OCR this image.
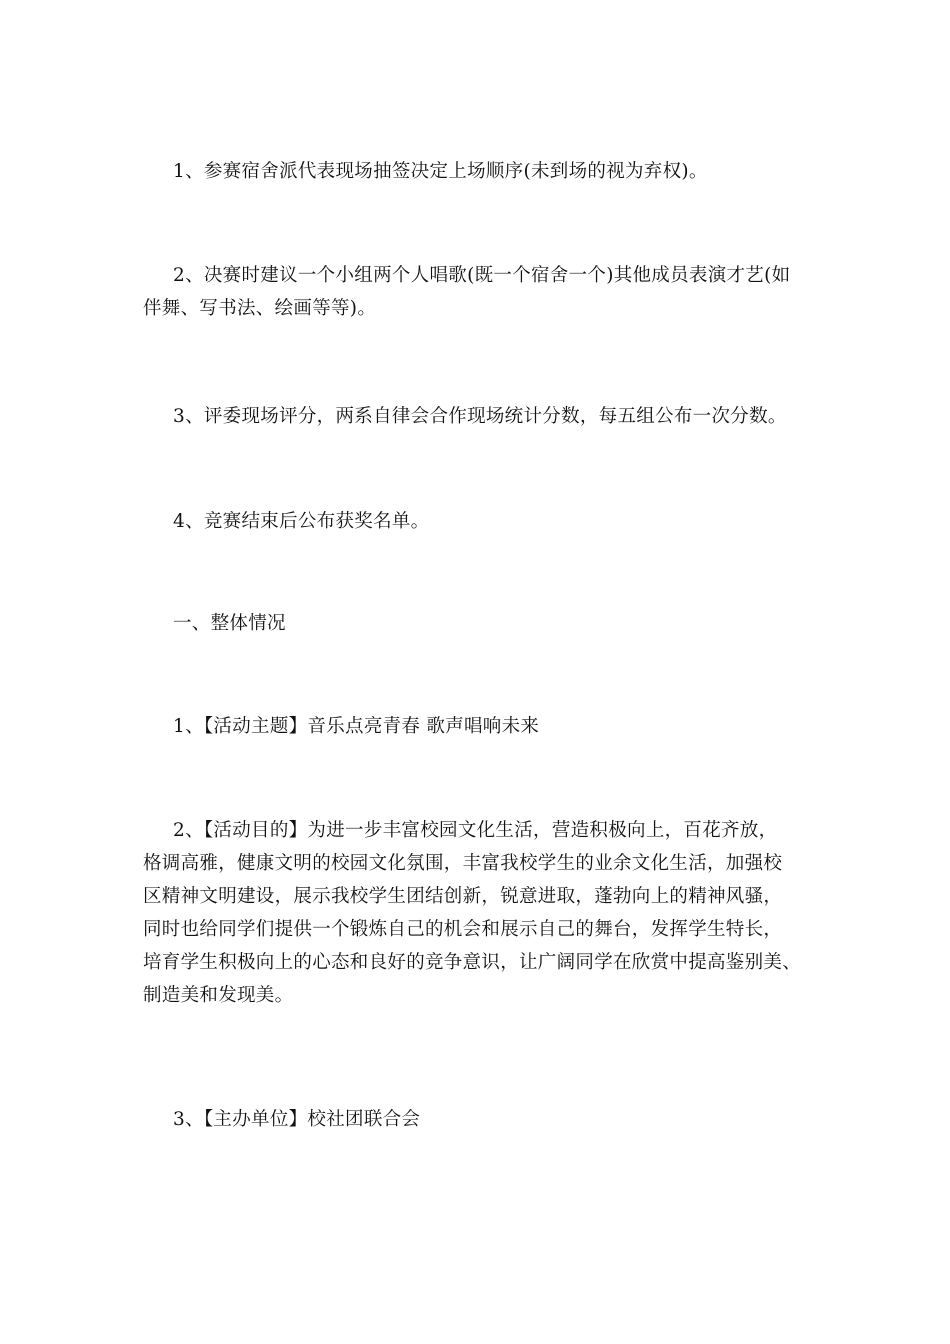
1、参赛宿舍派代表现场抽签决定上场顺序(未到场的视为弃权)。
2、决赛时建议一个小组两个人唱歌(既一个宿舍一个)其他成员表演才艺(如
伴舞、写书法、绘画等等)。
3、评委现场评分，两系自律会合作现场统计分数，每五组公布一次分数。
4、竞赛结束后公布获奖名单。
一、整体情况
1、【活动主题】音乐点亮青春 歌声唱响未来
2、【活动目的】为进一步丰富校园文化生活，营造积极向上，百花齐放，
格调高雅，健康文明的校园文化氛围，丰富我校学生的业余文化生活，加强校
区精神文明建设，展示我校学生团结创新，锐意进取，蓬勃向上的精神风骚，
同时也给同学们提供一个锻炼自己的机会和展示自己的舞台，发挥学生特长，
培育学生积极向上的心态和良好的竞争意识，让广阔同学在欣赏中提高鉴别美、
制造美和发现美。
3、【主办单位】校社团联合会
